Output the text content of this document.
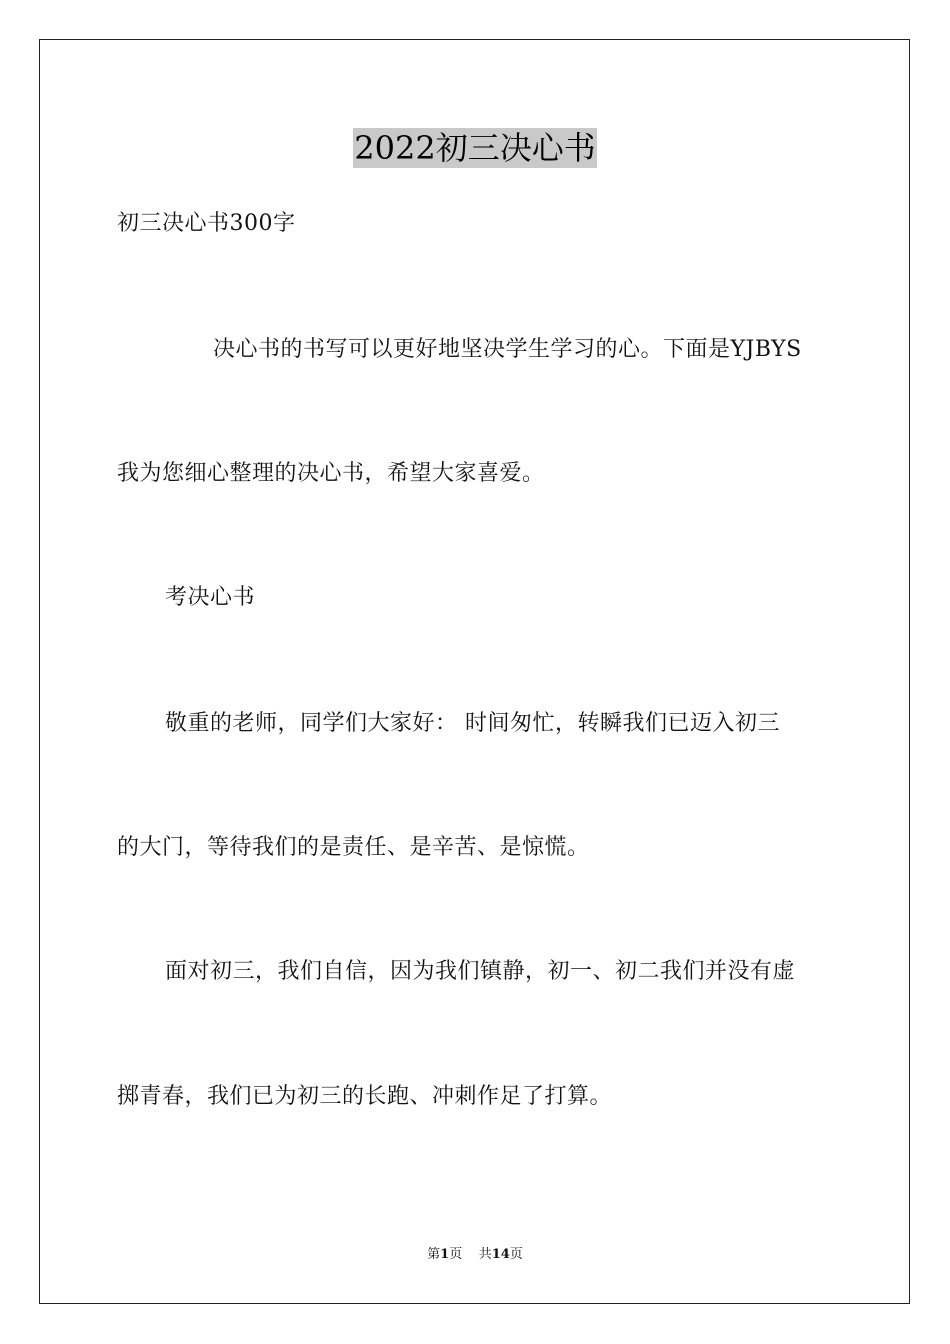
2022初三决心书
初三决心书300字
决心书的书写可以更好地坚决学生学习的心。下面是YJBYS
我为您细心整理的决心书，希望大家喜爱。
考决心书
敬重的老师，同学们大家好： 时间匆忙，转瞬我们已迈入初三
的大门，等待我们的是责任、是辛苦、是惊慌。
面对初三，我们自信，因为我们镇静，初一、初二我们并没有虚
掷青春，我们已为初三的长跑、冲刺作足了打算。
第1页 共14页
